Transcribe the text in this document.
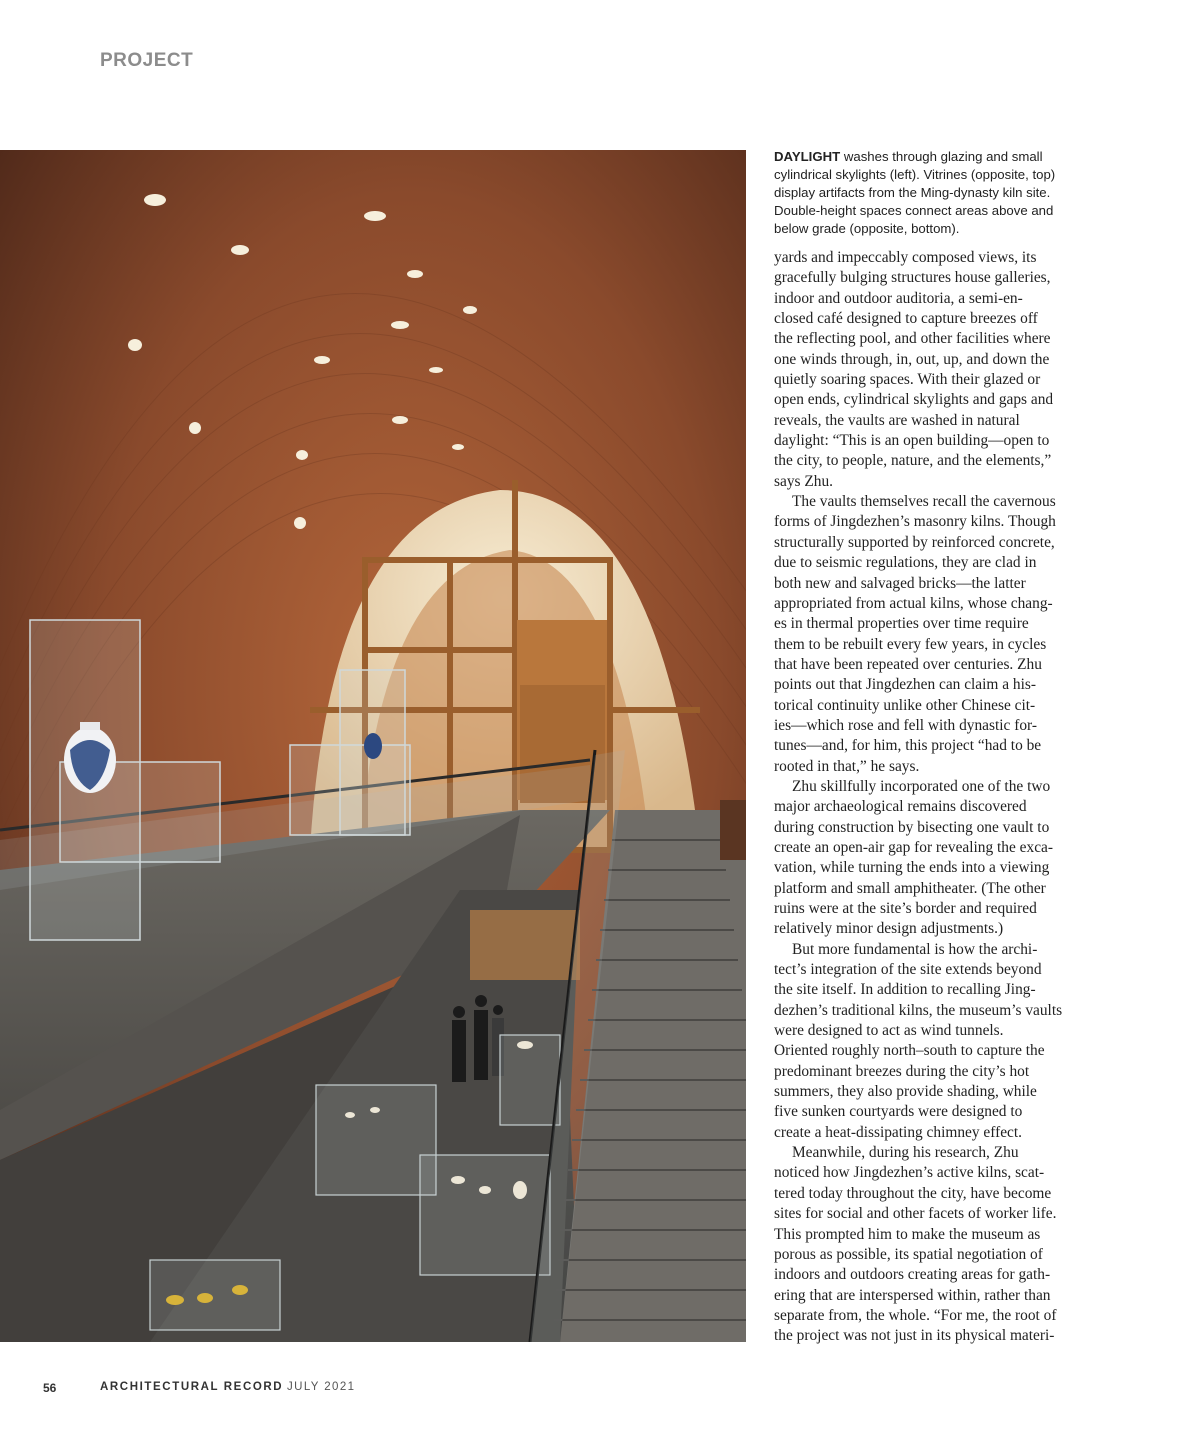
PROJECT
DAYLIGHT washes through glazing and small cylindrical skylights (left). Vitrines (opposite, top) display artifacts from the Ming-dynasty kiln site. Double-height spaces connect areas above and below grade (opposite, bottom).
yards and impeccably composed views, its
gracefully bulging structures house galleries,
indoor and outdoor auditoria, a semi-en-
closed café designed to capture breezes off
the reflecting pool, and other facilities where
one winds through, in, out, up, and down the
quietly soaring spaces. With their glazed or
open ends, cylindrical skylights and gaps and
reveals, the vaults are washed in natural
daylight: “This is an open building—open to
the city, to people, nature, and the elements,”
says Zhu.
The vaults themselves recall the cavernous
forms of Jingdezhen’s masonry kilns. Though
structurally supported by reinforced concrete,
due to seismic regulations, they are clad in
both new and salvaged bricks—the latter
appropriated from actual kilns, whose chang-
es in thermal properties over time require
them to be rebuilt every few years, in cycles
that have been repeated over centuries. Zhu
points out that Jingdezhen can claim a his-
torical continuity unlike other Chinese cit-
ies—which rose and fell with dynastic for-
tunes—and, for him, this project “had to be
rooted in that,” he says.
Zhu skillfully incorporated one of the two
major archaeological remains discovered
during construction by bisecting one vault to
create an open-air gap for revealing the exca-
vation, while turning the ends into a viewing
platform and small amphitheater. (The other
ruins were at the site’s border and required
relatively minor design adjustments.)
But more fundamental is how the archi-
tect’s integration of the site extends beyond
the site itself. In addition to recalling Jing-
dezhen’s traditional kilns, the museum’s vaults
were designed to act as wind tunnels.
Oriented roughly north–south to capture the
predominant breezes during the city’s hot
summers, they also provide shading, while
five sunken courtyards were designed to
create a heat-dissipating chimney effect.
Meanwhile, during his research, Zhu
noticed how Jingdezhen’s active kilns, scat-
tered today throughout the city, have become
sites for social and other facets of worker life.
This prompted him to make the museum as
porous as possible, its spatial negotiation of
indoors and outdoors creating areas for gath-
ering that are interspersed within, rather than
separate from, the whole. “For me, the root of
the project was not just in its physical materi-
56	ARCHITECTURAL RECORD JULY 2021
